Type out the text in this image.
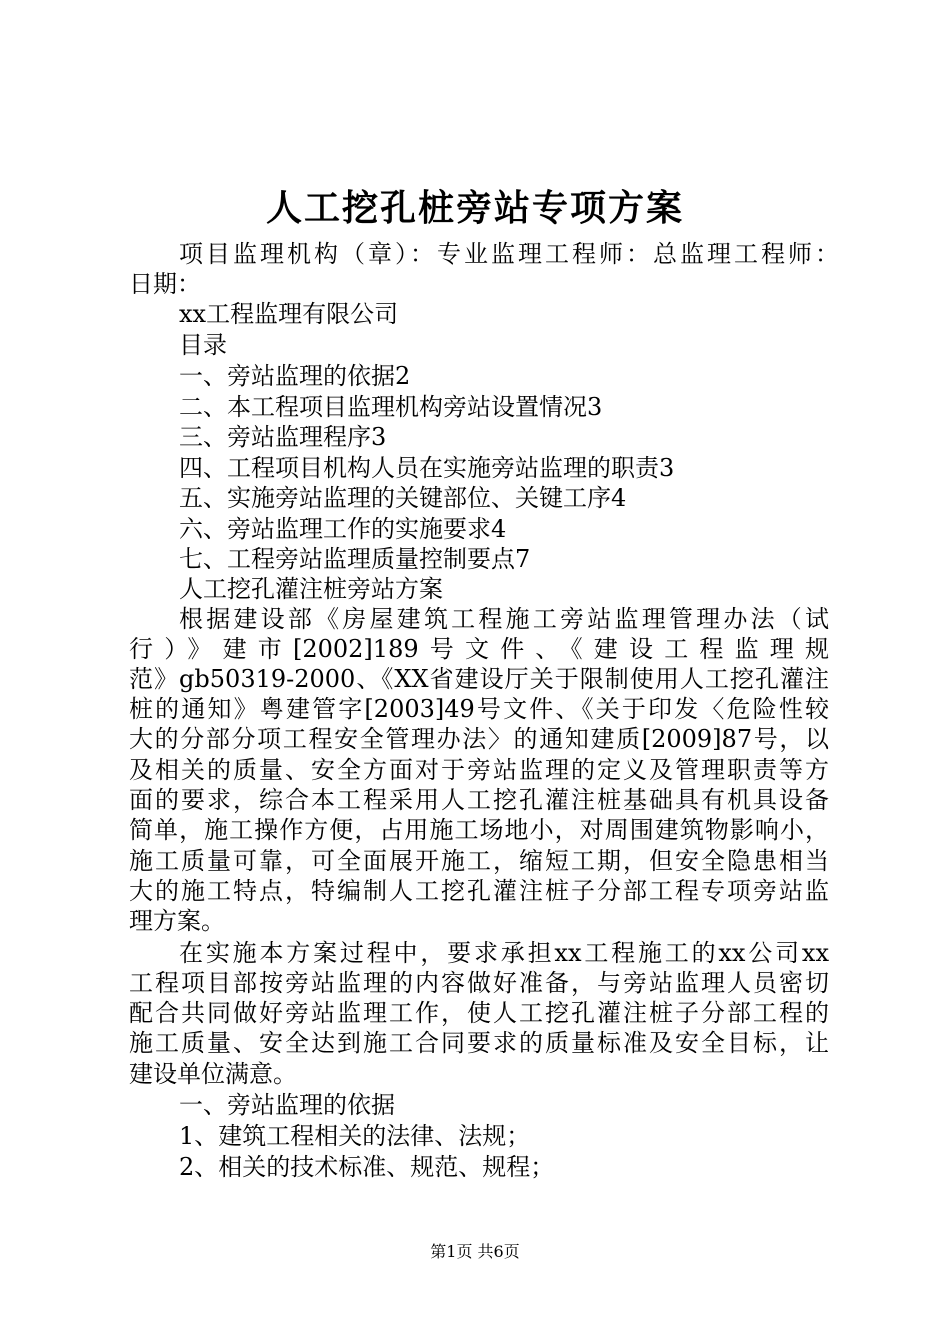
人工挖孔桩旁站专项方案
项目监理机构（章）：专业监理工程师：总监理工程师：
日期：
xx工程监理有限公司
目录
一、旁站监理的依据2
二、本工程项目监理机构旁站设置情况3
三、旁站监理程序3
四、工程项目机构人员在实施旁站监理的职责3
五、实施旁站监理的关键部位、关键工序4
六、旁站监理工作的实施要求4
七、工程旁站监理质量控制要点7
人工挖孔灌注桩旁站方案
根据建设部《房屋建筑工程施工旁站监理管理办法（试
行）》建市[2002]189号文件、《建设工程监理规
范》gb50319-2000、《XX省建设厅关于限制使用人工挖孔灌注
桩的通知》粤建管字[2003]49号文件、《关于印发〈危险性较
大的分部分项工程安全管理办法〉的通知建质[2009]87号，以
及相关的质量、安全方面对于旁站监理的定义及管理职责等方
面的要求，综合本工程采用人工挖孔灌注桩基础具有机具设备
简单，施工操作方便，占用施工场地小，对周围建筑物影响小，
施工质量可靠，可全面展开施工，缩短工期，但安全隐患相当
大的施工特点，特编制人工挖孔灌注桩子分部工程专项旁站监
理方案。
在实施本方案过程中，要求承担xx工程施工的xx公司xx
工程项目部按旁站监理的内容做好准备，与旁站监理人员密切
配合共同做好旁站监理工作，使人工挖孔灌注桩子分部工程的
施工质量、安全达到施工合同要求的质量标准及安全目标，让
建设单位满意。
一、旁站监理的依据
1、建筑工程相关的法律、法规；
2、相关的技术标准、规范、规程；
第1页 共6页
